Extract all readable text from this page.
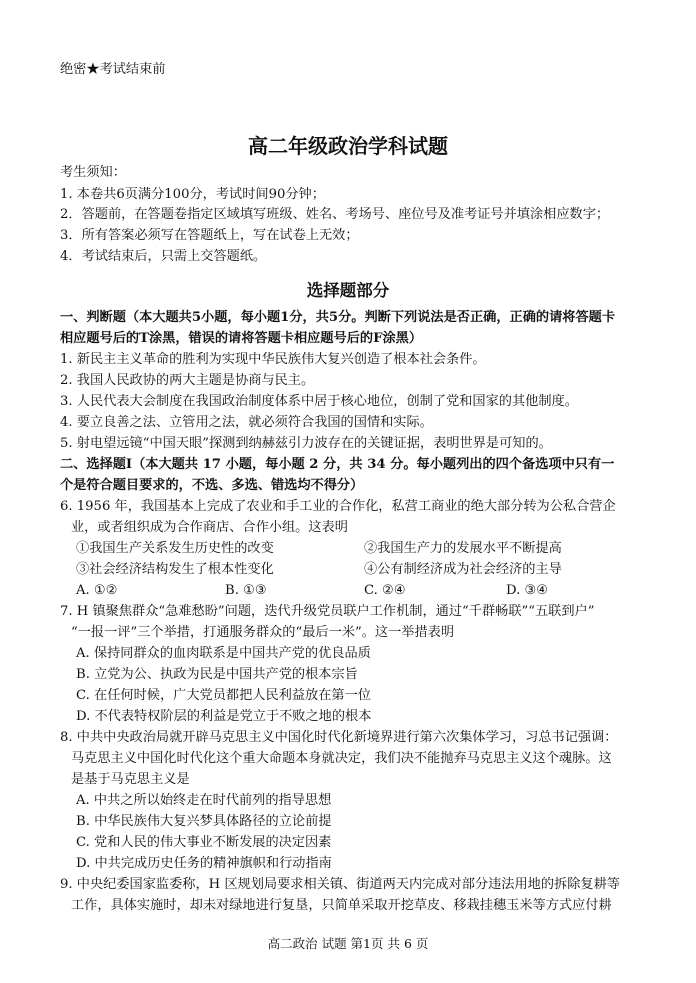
绝密★考试结束前
高二年级政治学科试题
考生须知：
1. 本卷共6页满分100分，考试时间90分钟；
2．答题前，在答题卷指定区域填写班级、姓名、考场号、座位号及准考证号并填涂相应数字；
3．所有答案必须写在答题纸上，写在试卷上无效；
4．考试结束后，只需上交答题纸。
选择题部分
一、判断题（本大题共5小题，每小题1分，共5分。判断下列说法是否正确，正确的请将答题卡
相应题号后的T涂黑，错误的请将答题卡相应题号后的F涂黑）
1. 新民主主义革命的胜利为实现中华民族伟大复兴创造了根本社会条件。
2. 我国人民政协的两大主题是协商与民主。
3. 人民代表大会制度在我国政治制度体系中居于核心地位，创制了党和国家的其他制度。
4. 要立良善之法、立管用之法，就必须符合我国的国情和实际。
5. 射电望远镜“中国天眼”探测到纳赫兹引力波存在的关键证据，表明世界是可知的。
二、选择题Ⅰ（本大题共 17 小题，每小题 2 分，共 34 分。每小题列出的四个备选项中只有一
个是符合题目要求的，不选、多选、错选均不得分）
6. 1956 年，我国基本上完成了农业和手工业的合作化，私营工商业的绝大部分转为公私合营企
业，或者组织成为合作商店、合作小组。这表明
①我国生产关系发生历史性的改变	②我国生产力的发展水平不断提高
③社会经济结构发生了根本性变化	④公有制经济成为社会经济的主导
A. ①②	B. ①③	C. ②④	D. ③④
7. H 镇聚焦群众“急难愁盼”问题，迭代升级党员联户工作机制，通过“千群畅联”“五联到户”
“一报一评”三个举措，打通服务群众的“最后一米”。这一举措表明
A. 保持同群众的血肉联系是中国共产党的优良品质
B. 立党为公、执政为民是中国共产党的根本宗旨
C. 在任何时候，广大党员都把人民利益放在第一位
D. 不代表特权阶层的利益是党立于不败之地的根本
8. 中共中央政治局就开辟马克思主义中国化时代化新境界进行第六次集体学习，习总书记强调：
马克思主义中国化时代化这个重大命题本身就决定，我们决不能抛弃马克思主义这个魂脉。这
是基于马克思主义是
A. 中共之所以始终走在时代前列的指导思想
B. 中华民族伟大复兴梦具体路径的立论前提
C. 党和人民的伟大事业不断发展的决定因素
D. 中共完成历史任务的精神旗帜和行动指南
9. 中央纪委国家监委称，H 区规划局要求相关镇、街道两天内完成对部分违法用地的拆除复耕等
工作，具体实施时，却未对绿地进行复垦，只简单采取开挖草皮、移栽挂穗玉米等方式应付耕
高二政治 试题 第1页 共 6 页
